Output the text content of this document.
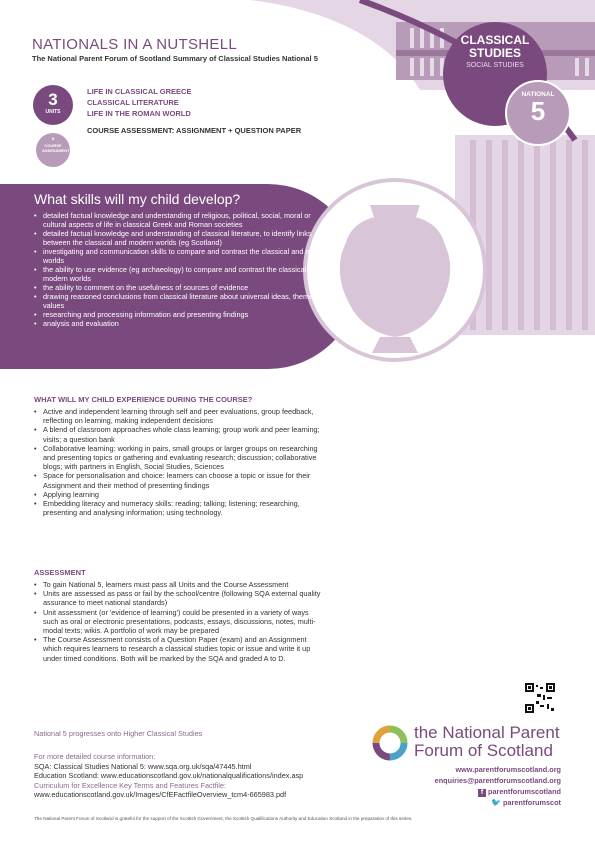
CLASSICAL STUDIES
SOCIAL STUDIES
NATIONAL
5
NATIONALS IN A NUTSHELL
The National Parent Forum of Scotland Summary of Classical Studies National 5
3
UNITS
+
COURSE ASSESSMENT
LIFE IN CLASSICAL GREECE
CLASSICAL LITERATURE
LIFE IN THE ROMAN WORLD
COURSE ASSESSMENT: ASSIGNMENT + QUESTION PAPER
What skills will my child develop?
• detailed factual knowledge and understanding of religious, political, social, moral or cultural aspects of life in classical Greek and Roman societies
• detailed factual knowledge and understanding of classical literature, to identify links between the classical and modern worlds (eg Scotland)
• investigating and communication skills to compare and contrast the classical and modern worlds
• the ability to use evidence (eg archaeology) to compare and contrast the classical and modern worlds
• the ability to comment on the usefulness of sources of evidence
• drawing reasoned conclusions from classical literature about universal ideas, themes or values
• researching and processing information and presenting findings
• analysis and evaluation
WHAT WILL MY CHILD EXPERIENCE DURING THE COURSE?
• Active and independent learning through self and peer evaluations, group feedback, reflecting on learning, making independent decisions
• A blend of classroom approaches whole class learning; group work and peer learning; visits; a question bank
• Collaborative learning: working in pairs, small groups or larger groups on researching and presenting topics or gathering and evaluating research; discussion; collaborative blogs; with partners in English, Social Studies, Sciences
• Space for personalisation and choice: learners can choose a topic or issue for their Assignment and their method of presenting findings
• Applying learning
• Embedding literacy and numeracy skills: reading; talking; listening; researching, presenting and analysing information; using technology.
ASSESSMENT
• To gain National 5, learners must pass all Units and the Course Assessment
• Units are assessed as pass or fail by the school/centre (following SQA external quality assurance to meet national standards)
• Unit assessment (or 'evidence of learning') could be presented in a variety of ways such as oral or electronic presentations, podcasts, essays, discussions, notes, multi-modal texts; wikis. A portfolio of work may be prepared
• The Course Assessment consists of a Question Paper (exam) and an Assignment which requires learners to research a classical studies topic or issue and write it up under timed conditions. Both will be marked by the SQA and graded A to D.
National 5 progresses onto Higher Classical Studies
For more detailed course information:
SQA: Classical Studies National 5: www.sqa.org.uk/sqa/47445.html
Education Scotland: www.educationscotland.gov.uk/nationalqualifications/index.asp
Curriculum for Excellence Key Terms and Features Factfile:
www.educationscotland.gov.uk/Images/CfEFactfileOverview_tcm4-665983.pdf
the National Parent
Forum of Scotland
www.parentforumscotland.org
enquiries@parentforumscotland.org
f parentforumscotland
🐦 parentforumscot
The National Parent Forum of Scotland is grateful for the support of the Scottish Government, the Scottish Qualifications Authority and Education Scotland in the preparation of this series.
